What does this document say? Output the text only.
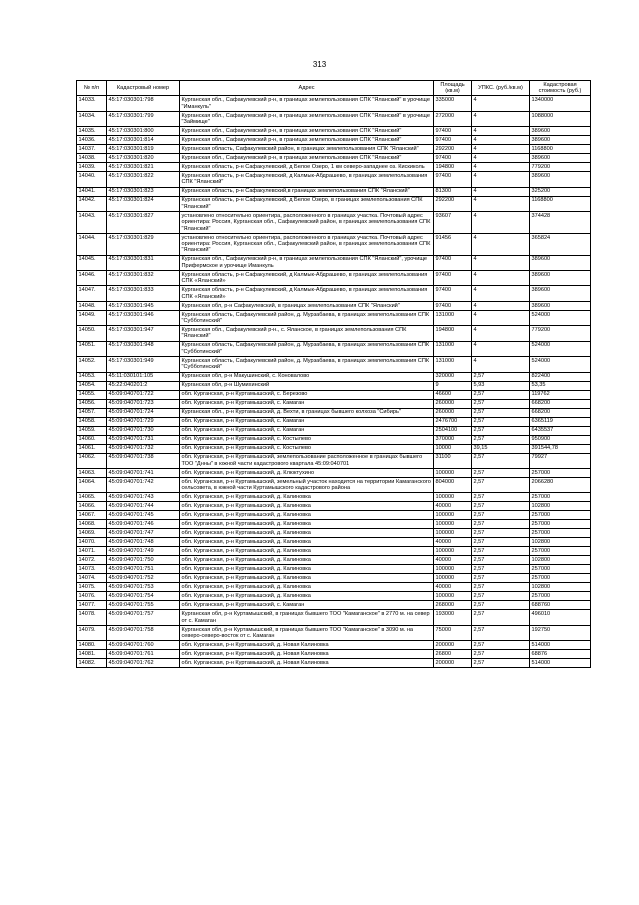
313
№ п/п	Кадастровый номер	Адрес	Площадь (кв.м)	УПКС. (руб./кв.м)	Кадастровая стоимость (руб.)
14033.	45:17:030301:798	Курганская обл., Сафакулевский р-н, в границах землепользования СПК "Яланский" в урочище "Иманкуль"	335000	4	1340000
14034.	45:17:030301:799	Курганская обл., Сафакулевский р-н, в границах землепользования СПК "Яланский" в урочище "Займище"	272000	4	1088000
14035.	45:17:030301:800	Курганская обл., Сафакулевский р-н, в границах землепользования СПК "Яланский"	97400	4	389600
14036.	45:17:030301:814	Курганская обл., Сафакулевский р-н, в границах землепользования СПК "Яланский"	97400	4	389600
14037.	45:17:030301:819	Курганская область, Сафакулевский район, в границах землепользования СПК "Яланский"	292200	4	1168800
14038.	45:17:030301:820	Курганская обл., Сафакулевский р-н, в границах землепользования СПК "Яланский"	97400	4	389600
14039.	45:17:030301:821	Курганская область, р-н Сафакулевский, д Белое Озеро, 1 км северо-западнее оз. Кискиколь	194800	4	779200
14040.	45:17:030301:822	Курганская область, р-н Сафакулевский, д Калмык-Абдрашево, в границах землепользования СПК "Яланский"	97400	4	389600
14041.	45:17:030301:823	Курганская область, р-н Сафакулевский,в границах землепользования СПК "Яланский"	81300	4	325200
14042.	45:17:030301:824	Курганская область, р-н Сафакулевский, д Белое Озеро, в границах землепользования СПК "Яланский"	292200	4	1168800
14043.	45:17:030301:827	установлено относительно ориентира, расположенного в границах участка. Почтовый адрес ориентира: Россия, Курганская обл., Сафакулевский район, в границах землепользования СПК "Яланский"	93607	4	374428
14044.	45:17:030301:829	установлено относительно ориентира, расположенного в границах участка. Почтовый адрес ориентира: Россия, Курганская обл., Сафакулевский район, в границах землепользования СПК "Яланский"	91456	4	365824
14045.	45:17:030301:831	Курганская обл., Сафакулевский р-н, в границах землепользования СПК "Яланский", урочище Прифермское и урочище Иманкуль	97400	4	389600
14046.	45:17:030301:832	Курганская область, р-н Сафакулевский, д Калмык-Абдрашево, в границах землепользования СПК «Яланский»	97400	4	389600
14047.	45:17:030301:833	Курганская область, р-н Сафакулевский, д Калмык-Абдрашево, в границах землепользования СПК «Яланский»	97400	4	389600
14048.	45:17:030301:945	Курганская обл, р-н Сафакулевский, в границах землепользования СПК "Яланский"	97400	4	389600
14049.	45:17:030301:946	Курганская область, Сафакулевский район, д. Мурзабаева, в границах землепользования СПК "Субботинский"	131000	4	524000
14050.	45:17:030301:947	Курганская обл., Сафакулевский р-н., с. Яланское, в границах землепользования СПК "Яланский"	194800	4	779200
14051.	45:17:030301:948	Курганская область, Сафакулевский район, д. Мурзабаева, в границах землепользования СПК "Субботинский"	131000	4	524000
14052.	45:17:030301:949	Курганская область, Сафакулевский район, д. Мурзабаева, в границах землепользования СПК "Субботинский"	131000	4	524000
14053.	45:11:030101:105	Курганская обл, р-н Макушинский, с. Коновалово	320000	2,57	822400
14054.	45:22:040201:2	Курганская обл, р-н Шумихинский	9	5,93	53,35
14055.	45:09:040701:722	обл. Курганская, р-н Куртамышский, с. Березово	46600	2,57	119762
14056.	45:09:040701:723	обл. Курганская, р-н Куртамышский, с. Камаган	260000	2,57	668200
14057.	45:09:040701:724	Курганская обл., р-н Куртамышский, д. Вехти, в границах бывшего колхоза "Сибирь"	260000	2,57	668200
14058.	45:09:040701:729	обл. Курганская, р-н Куртамышский, с. Камаган	2476700	2,57	6365119
14059.	45:09:040701:730	обл. Курганская, р-н Куртамышский, с. Камаган	2504100	2,57	6435537
14060.	45:09:040701:731	обл. Курганская, р-н Куртамышский, с. Костылево	370000	2,57	950900
14061.	45:09:040701:732	обл. Курганская, р-н Куртамышский, с. Костылево	10000	39,15	391544,78
14062.	45:09:040701:738	обл. Курганская, р-н Куртамышский, землепользование расположенное в границах бывшего ТОО "Днны" в южной части кадастрового квартала 45:09:040701	31100	2,57	79927
14063.	45:09:040701:741	обл. Курганская, р-н Куртамышский, д. Клюктухино	100000	2,57	257000
14064.	45:09:040701:742	обл. Курганская, р-н Куртамышский, земельный участок находится на территории Камаганского сельсовета, в южной части Куртамышского кадастрового района	804000	2,57	2066280
14065.	45:09:040701:743	обл. Курганская, р-н Куртамышский, д. Калиновка	100000	2,57	257000
14066.	45:09:040701:744	обл. Курганская, р-н Куртамышский, д. Калиновка	40000	2,57	102800
14067.	45:09:040701:745	обл. Курганская, р-н Куртамышский, д. Калиновка	100000	2,57	257000
14068.	45:09:040701:746	обл. Курганская, р-н Куртамышский, д. Калиновка	100000	2,57	257000
14069.	45:09:040701:747	обл. Курганская, р-н Куртамышский, д. Калиновка	100000	2,57	257000
14070.	45:09:040701:748	обл. Курганская, р-н Куртамышский, д. Калиновка	40000	2,57	102800
14071.	45:09:040701:749	обл. Курганская, р-н Куртамышский, д. Калиновка	100000	2,57	257000
14072.	45:09:040701:750	обл. Курганская, р-н Куртамышский, д. Калиновка	40000	2,57	102800
14073.	45:09:040701:751	обл. Курганская, р-н Куртамышский, д. Калиновка	100000	2,57	257000
14074.	45:09:040701:752	обл. Курганская, р-н Куртамышский, д. Калиновка	100000	2,57	257000
14075.	45:09:040701:753	обл. Курганская, р-н Куртамышский, д. Калиновка	40000	2,57	102800
14076.	45:09:040701:754	обл. Курганская, р-н Куртамышский, д. Калиновка	100000	2,57	257000
14077.	45:09:040701:755	обл. Курганская, р-н Куртамышский, с. Камаган	268000	2,57	688760
14078.	45:09:040701:757	Курганская обл, р-н Куртамышский, в границах бывшего ТОО "Камаганское" в 2770 м. на север от с. Камаган	193000	2,57	496010
14079.	45:09:040701:758	Курганская обл, р-н Куртамышский, в границах бывшего ТОО "Камаганское" в 3090 м. на северо-северо-восток от с. Камаган	75000	2,57	192750
14080.	45:09:040701:760	обл. Курганская, р-н Куртамышский, д. Новая Калиновка	200000	2,57	514000
14081.	45:09:040701:761	обл. Курганская, р-н Куртамышский, д. Новая Калиновка	26800	2,57	68876
14082.	45:09:040701:762	обл. Курганская, р-н Куртамышский, д. Новая Калиновка	200000	2,57	514000
